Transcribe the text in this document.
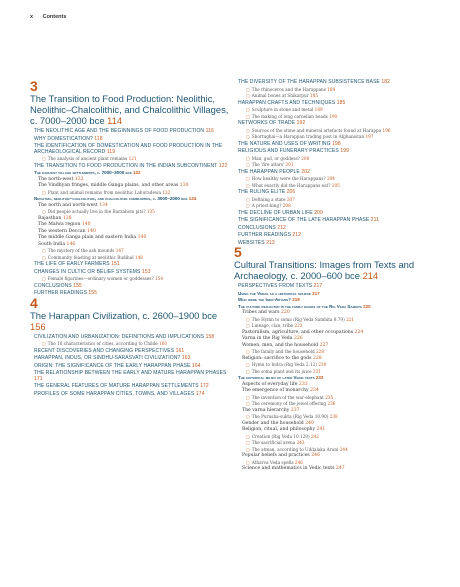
x Contents
3
The Transition to Food Production: Neolithic, Neolithic–Chalcolithic, and Chalcolithic Villages, c. 7000–2000 bce 114
THE NEOLITHIC AGE AND THE BEGINNINGS OF FOOD PRODUCTION 116
WHY DOMESTICATION? 118
THE IDENTIFICATION OF DOMESTICATION AND FOOD PRODUCTION IN THE ARCHAEOLOGICAL RECORD 119
▢ The analysis of ancient plant remains 121
THE TRANSITION TO FOOD PRODUCTION IN THE INDIAN SUBCONTINENT 122
The earliest village settlements, c. 7000–3000 bce 122
The north-west 122
The Vindhyan fringes, middle Ganga plains, and other areas 130
▢ Plant and animal remains from neolithic Lahuradewa 132
Neolithic, neolithic–chalcolithic, and chalcolithic communities, c. 3000–2000 bce 134
The north and north-west 134
▢ Did people actually live in the Burzahom pits? 135
Rajasthan 138
The Malwa region 140
The western Deccan 140
The middle Ganga plain and eastern India 140
South India 146
▢ The mystery of the ash mounds 147
▢ Community feasting at neolithic Budihal 148
THE LIFE OF EARLY FARMERS 151
CHANGES IN CULTIC OR BELIEF SYSTEMS 153
▢ Female figurines—ordinary women or goddesses? 154
CONCLUSIONS 155
FURTHER READINGS 155
4
The Harappan Civilization, c. 2600–1900 bce 156
CIVILIZATION AND URBANIZATION: DEFINITIONS AND IMPLICATIONS 158
▢ The 10 characteristics of cities, according to Childe 160
RECENT DISCOVERIES AND CHANGING PERSPECTIVES 161
HARAPPAN, INDUS, OR SINDHU-SARASVATI CIVILIZATION? 163
ORIGIN: THE SIGNIFICANCE OF THE EARLY HARAPPAN PHASE 164
THE RELATIONSHIP BETWEEN THE EARLY AND MATURE HARAPPAN PHASES 171
THE GENERAL FEATURES OF MATURE HARAPPAN SETTLEMENTS 172
PROFILES OF SOME HARAPPAN CITIES, TOWNS, AND VILLAGES 174
THE DIVERSITY OF THE HARAPPAN SUBSISTENCE BASE 182
▢ The rhinoceros and the Harappans 184
▢ Animal bones at Shikarpur 185
HARAPPAN CRAFTS AND TECHNIQUES 185
▢ Sculpture in stone and metal 189
▢ The making of long carnelian beads 190
NETWORKS OF TRADE 192
▢ Sources of the stone and mineral artefacts found at Harappa 196
▢ Shortughai—a Harappan trading post in Afghanistan 197
THE NATURE AND USES OF WRITING 198
RELIGIOUS AND FUNERARY PRACTICES 199
▢ Man, god, or goddess? 200
▢ The 'fire altars' 201
THE HARAPPAN PEOPLE 202
▢ How healthy were the Harappans? 204
▢ What exactly did the Harappans eat? 205
THE RULING ELITE 206
▢ Defining a state 207
▢ A priest-king? 208
THE DECLINE OF URBAN LIFE 209
THE SIGNIFICANCE OF THE LATE HARAPPAN PHASE 211
CONCLUSIONS 212
FURTHER READINGS 212
WEBSITES 213
5
Cultural Transitions: Images from Texts and Archaeology, c. 2000–600 bce 214
PERSPECTIVES FROM TEXTS 217
Using the Vedas as a historical source 217
Who were the Indo-Aryans? 219
The culture reflected in the family books of the Rig Veda Samhita 220
Tribes and wars 220
▢ The Hymn to soma (Rig Veda Samhita 8.79) 221
▢ Lineage, clan, tribe 223
Pastoralism, agriculture, and other occupations 224
Varna in the Rig Veda 226
Women, men, and the household 227
▢ The family and the household 228
Religion: sacrifice to the gods 228
▢ Hymn to Indra (Rig Veda 2.12) 230
▢ The soma plant and its juice 231
The historical milieu of later Vedic texts 233
Aspects of everyday life 233
The emergence of monarchy 234
▢ The invention of the war-elephant 235
▢ The ceremony of the jewel offering 236
The varna hierarchy 237
▢ The Purusha-sukta (Rig Veda 10.90) 238
Gender and the household 240
Religion, ritual, and philosophy 241
▢ Creation (Rig Veda 10.129) 242
▢ The sacrificial arena 243
▢ The atman, according to Uddalaka Aruni 244
Popular beliefs and practices 246
▢ Atharva Veda spells 246
Science and mathematics in Vedic texts 247
